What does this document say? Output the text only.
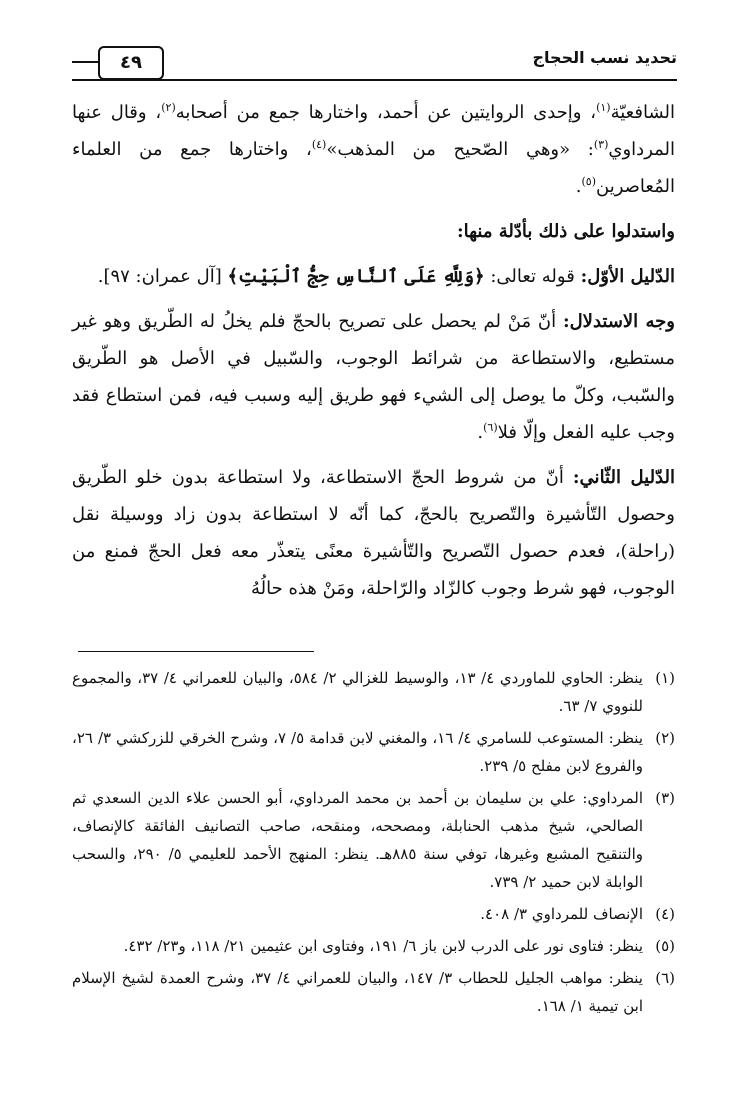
تحديد نسب الحجاج
٤٩

الشافعيّة$^{(١)}$، وإحدى الروايتين عن أحمد، واختارها جمع من أصحابه$^{(٢)}$، وقال عنها المرداوي$^{(٣)}$: «وهي الصّحيح من المذهب»$^{(٤)}$، واختارها جمع من العلماء المُعاصرين$^{(٥)}$.

واستدلوا على ذلك بأدّلة منها:

الدّليل الأوّل: قوله تعالى: ﴿وَلِلَّهِ عَلَى ٱلنَّاسِ حِجُّ ٱلْبَيْتِ﴾ [آل عمران: ٩٧].

وجه الاستدلال: أنّ مَنْ لم يحصل على تصريح بالحجّ فلم يخلُ له الطّريق وهو غير مستطيع، والاستطاعة من شرائط الوجوب، والسّبيل في الأصل هو الطّريق والسّبب، وكلّ ما يوصل إلى الشيء فهو طريق إليه وسبب فيه، فمن استطاع فقد وجب عليه الفعل وإلّا فلا$^{(٦)}$.

الدّليل الثّاني: أنّ من شروط الحجّ الاستطاعة، ولا استطاعة بدون خلو الطّريق وحصول التّأشيرة والتّصريح بالحجّ، كما أنّه لا استطاعة بدون زاد ووسيلة نقل (راحلة)، فعدم حصول التّصريح والتّأشيرة معنًى يتعذّر معه فعل الحجّ فمنع من الوجوب، فهو شرط وجوب كالزّاد والرّاحلة، ومَنْ هذه حالُهُ

(١)
ينظر: الحاوي للماوردي ٤/ ١٣، والوسيط للغزالي ٢/ ٥٨٤، والبيان للعمراني ٤/ ٣٧، والمجموع للنووي ٧/ ٦٣.
(٢)
ينظر: المستوعب للسامري ٤/ ١٦، والمغني لابن قدامة ٥/ ٧، وشرح الخرقي للزركشي ٣/ ٢٦، والفروع لابن مفلح ٥/ ٢٣٩.
(٣)
المرداوي: علي بن سليمان بن أحمد بن محمد المرداوي، أبو الحسن علاء الدين السعدي ثم الصالحي، شيخ مذهب الحنابلة، ومصححه، ومنقحه، صاحب التصانيف الفائقة كالإنصاف، والتنقيح المشبع وغيرها، توفي سنة ٨٨٥هـ. ينظر: المنهج الأحمد للعليمي ٥/ ٢٩٠، والسحب الوابلة لابن حميد ٢/ ٧٣٩.
(٤)
الإنصاف للمرداوي ٣/ ٤٠٨.
(٥)
ينظر: فتاوى نور على الدرب لابن باز ٦/ ١٩١، وفتاوى ابن عثيمين ٢١/ ١١٨، و٢٣/ ٤٣٢.
(٦)
ينظر: مواهب الجليل للحطاب ٣/ ١٤٧، والبيان للعمراني ٤/ ٣٧، وشرح العمدة لشيخ الإسلام ابن تيمية ١/ ١٦٨.
